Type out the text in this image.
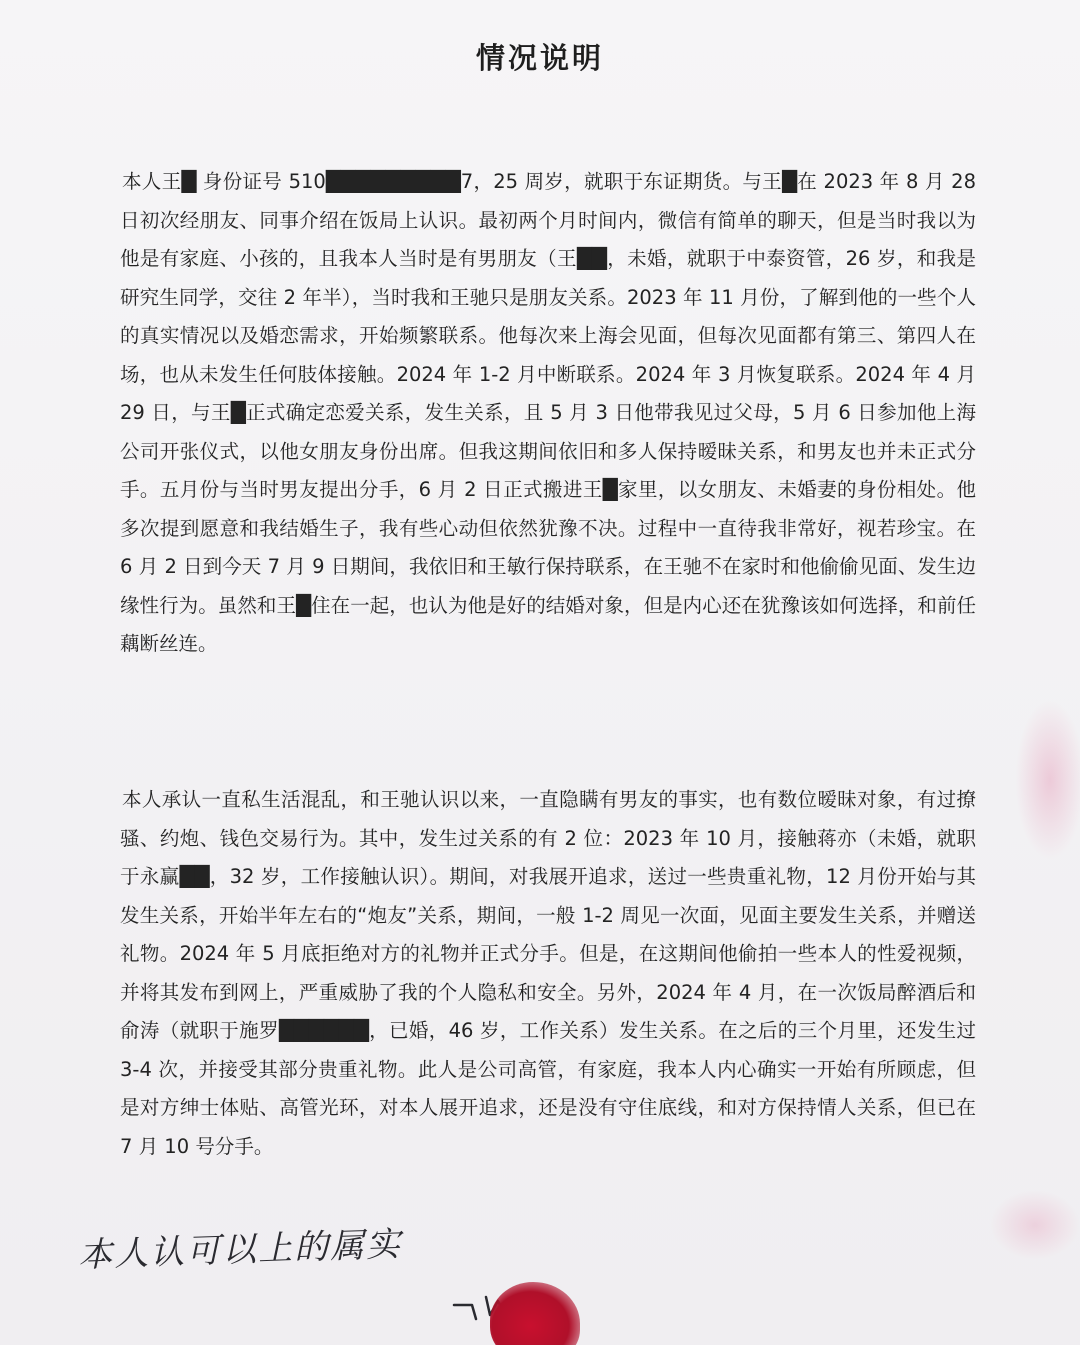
情况说明

本人王█ 身份证号 510█████████7，25 周岁，就职于东证期货。与王█在 2023 年 8 月 28 日初次经朋友、同事介绍在饭局上认识。最初两个月时间内，微信有简单的聊天，但是当时我以为他是有家庭、小孩的，且我本人当时是有男朋友（王██，未婚，就职于中泰资管，26 岁，和我是研究生同学，交往 2 年半），当时我和王驰只是朋友关系。2023 年 11 月份，了解到他的一些个人的真实情况以及婚恋需求，开始频繁联系。他每次来上海会见面，但每次见面都有第三、第四人在场，也从未发生任何肢体接触。2024 年 1-2 月中断联系。2024 年 3 月恢复联系。2024 年 4 月 29 日，与王█正式确定恋爱关系，发生关系，且 5 月 3 日他带我见过父母，5 月 6 日参加他上海公司开张仪式，以他女朋友身份出席。但我这期间依旧和多人保持暧昧关系，和男友也并未正式分手。五月份与当时男友提出分手，6 月 2 日正式搬进王█家里，以女朋友、未婚妻的身份相处。他多次提到愿意和我结婚生子，我有些心动但依然犹豫不决。过程中一直待我非常好，视若珍宝。在 6 月 2 日到今天 7 月 9 日期间，我依旧和王敏行保持联系，在王驰不在家时和他偷偷见面、发生边缘性行为。虽然和王█住在一起，也认为他是好的结婚对象，但是内心还在犹豫该如何选择，和前任藕断丝连。

本人承认一直私生活混乱，和王驰认识以来，一直隐瞒有男友的事实，也有数位暧昧对象，有过撩骚、约炮、钱色交易行为。其中，发生过关系的有 2 位：2023 年 10 月，接触蒋亦（未婚，就职于永赢██，32 岁，工作接触认识）。期间，对我展开追求，送过一些贵重礼物，12 月份开始与其发生关系，开始半年左右的“炮友”关系，期间，一般 1-2 周见一次面，见面主要发生关系，并赠送礼物。2024 年 5 月底拒绝对方的礼物并正式分手。但是，在这期间他偷拍一些本人的性爱视频，并将其发布到网上，严重威胁了我的个人隐私和安全。另外，2024 年 4 月，在一次饭局醉酒后和俞涛（就职于施罗██████，已婚，46 岁，工作关系）发生关系。在之后的三个月里，还发生过 3-4 次，并接受其部分贵重礼物。此人是公司高管，有家庭，我本人内心确实一开始有所顾虑，但是对方绅士体贴、高管光环，对本人展开追求，还是没有守住底线，和对方保持情人关系，但已在 7 月 10 号分手。

本人认可以上的属实
